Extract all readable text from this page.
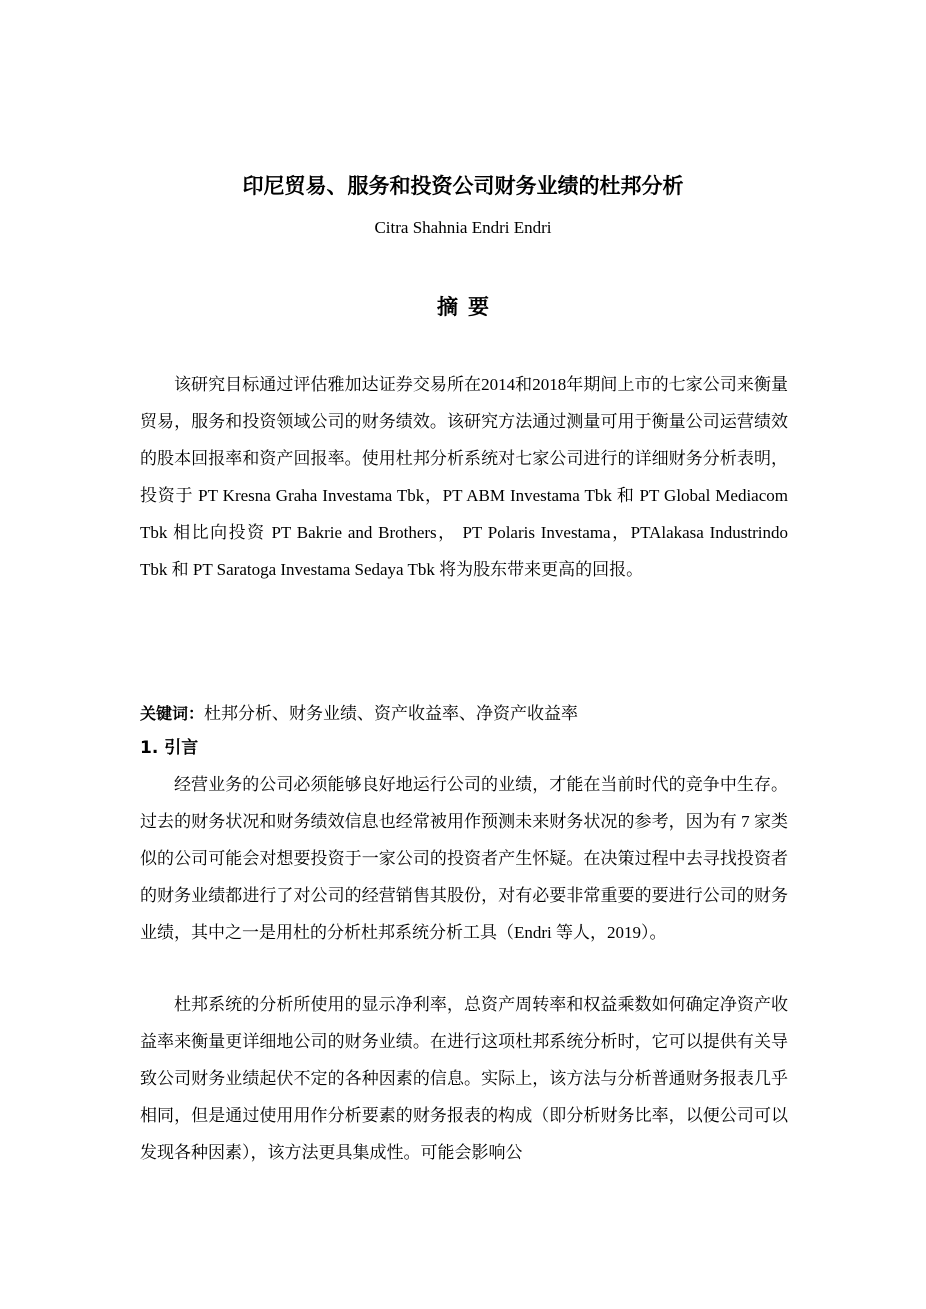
印尼贸易、服务和投资公司财务业绩的杜邦分析

Citra Shahnia Endri Endri

摘要

该研究目标通过评估雅加达证券交易所在2014和2018年期间上市的七家公司来衡量贸易，服务和投资领域公司的财务绩效。该研究方法通过测量可用于衡量公司运营绩效的股本回报率和资产回报率。使用杜邦分析系统对七家公司进行的详细财务分析表明，投资于 PT Kresna Graha Investama Tbk，PT ABM Investama Tbk 和 PT Global Mediacom Tbk 相比向投资 PT Bakrie and Brothers， PT Polaris Investama，PTAlakasa Industrindo Tbk 和 PT Saratoga Investama Sedaya Tbk 将为股东带来更高的回报。

关键词：杜邦分析、财务业绩、资产收益率、净资产收益率

1. 引言

经营业务的公司必须能够良好地运行公司的业绩，才能在当前时代的竞争中生存。过去的财务状况和财务绩效信息也经常被用作预测未来财务状况的参考，因为有 7 家类似的公司可能会对想要投资于一家公司的投资者产生怀疑。在决策过程中去寻找投资者的财务业绩都进行了对公司的经营销售其股份，对有必要非常重要的要进行公司的财务业绩，其中之一是用杜的分析杜邦系统分析工具（Endri 等人，2019）。

杜邦系统的分析所使用的显示净利率，总资产周转率和权益乘数如何确定净资产收益率来衡量更详细地公司的财务业绩。在进行这项杜邦系统分析时，它可以提供有关导致公司财务业绩起伏不定的各种因素的信息。实际上，该方法与分析普通财务报表几乎相同，但是通过使用用作分析要素的财务报表的构成（即分析财务比率，以便公司可以发现各种因素），该方法更具集成性。可能会影响公
